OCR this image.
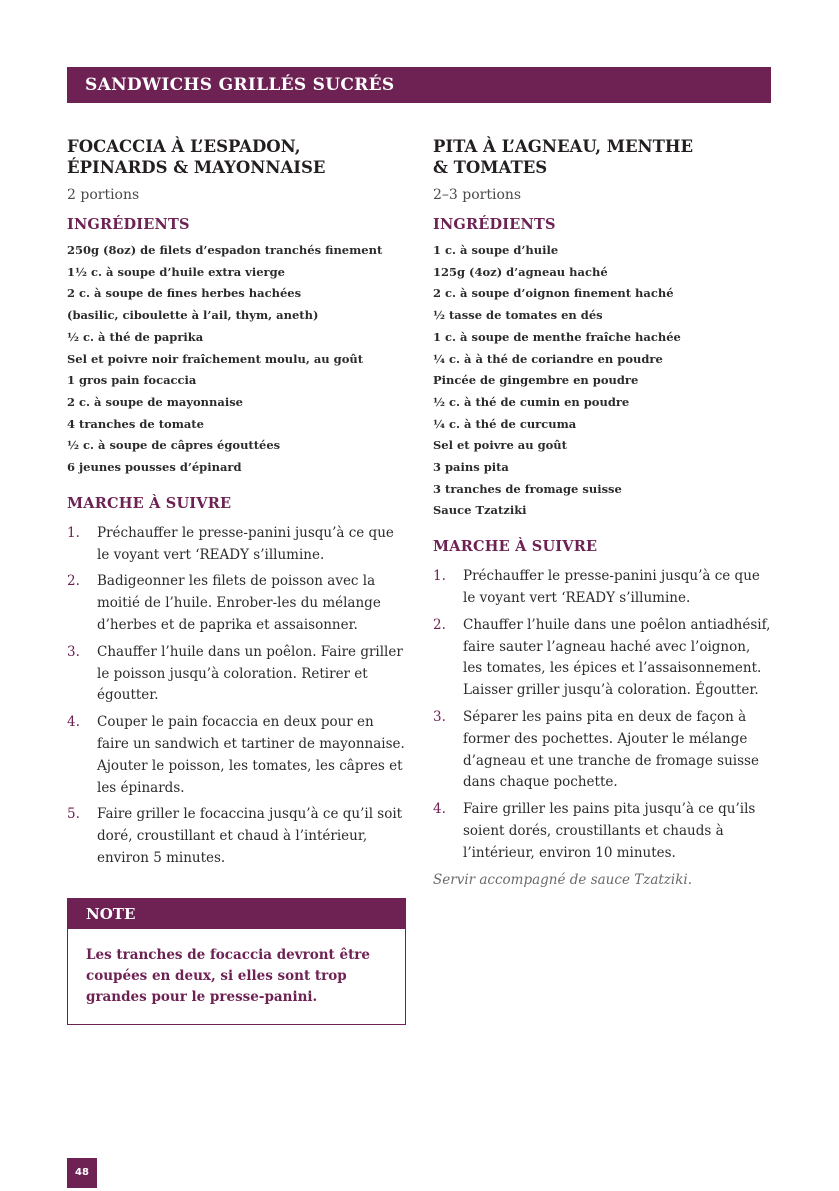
SANDWICHS GRILLÉS SUCRÉS
FOCACCIA À L’ESPADON,
ÉPINARDS & MAYONNAISE
2 portions
INGRÉDIENTS
250g (8oz) de filets d’espadon tranchés finement
1½ c. à soupe d’huile extra vierge
2 c. à soupe de fines herbes hachées
(basilic, ciboulette à l’ail, thym, aneth)
½ c. à thé de paprika
Sel et poivre noir fraîchement moulu, au goût
1 gros pain focaccia
2 c. à soupe de mayonnaise
4 tranches de tomate
½ c. à soupe de câpres égouttées
6 jeunes pousses d’épinard
MARCHE À SUIVRE
1. Préchauffer le presse-panini jusqu’à ce que le voyant vert ‘READY s’illumine.
2. Badigeonner les filets de poisson avec la moitié de l’huile. Enrober-les du mélange d’herbes et de paprika et assaisonner.
3. Chauffer l’huile dans un poêlon. Faire griller le poisson jusqu’à coloration. Retirer et égoutter.
4. Couper le pain focaccia en deux pour en faire un sandwich et tartiner de mayonnaise. Ajouter le poisson, les tomates, les câpres et les épinards.
5. Faire griller le focaccina jusqu’à ce qu’il soit doré, croustillant et chaud à l’intérieur, environ 5 minutes.
PITA À L’AGNEAU, MENTHE
& TOMATES
2–3 portions
INGRÉDIENTS
1 c. à soupe d’huile
125g (4oz) d’agneau haché
2 c. à soupe d’oignon finement haché
½ tasse de tomates en dés
1 c. à soupe de menthe fraîche hachée
¼ c. à à thé de coriandre en poudre
Pincée de gingembre en poudre
½ c. à thé de cumin en poudre
¼ c. à thé de curcuma
Sel et poivre au goût
3 pains pita
3 tranches de fromage suisse
Sauce Tzatziki
MARCHE À SUIVRE
1. Préchauffer le presse-panini jusqu’à ce que le voyant vert ‘READY s’illumine.
2. Chauffer l’huile dans une poêlon antiadhésif, faire sauter l’agneau haché avec l’oignon, les tomates, les épices et l’assaisonnement. Laisser griller jusqu’à coloration. Égoutter.
3. Séparer les pains pita en deux de façon à former des pochettes. Ajouter le mélange d’agneau et une tranche de fromage suisse dans chaque pochette.
4. Faire griller les pains pita jusqu’à ce qu’ils soient dorés, croustillants et chauds à l’intérieur, environ 10 minutes.
Servir accompagné de sauce Tzatziki.
NOTE
Les tranches de focaccia devront être coupées en deux, si elles sont trop grandes pour le presse-panini.
48
